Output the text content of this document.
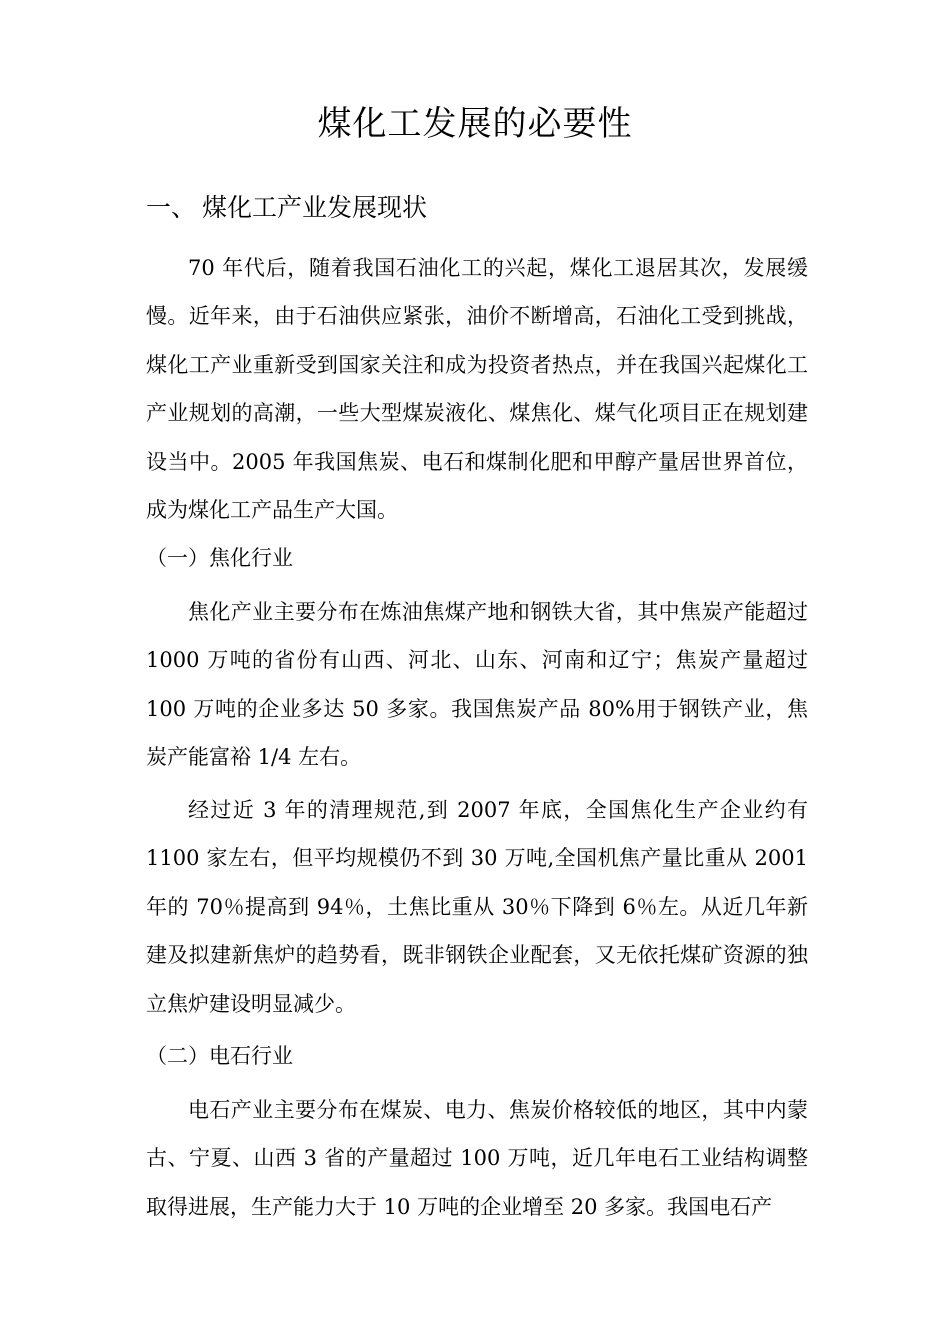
煤化工发展的必要性
一、 煤化工产业发展现状

70 年代后，随着我国石油化工的兴起，煤化工退居其次，发展缓慢。近年来，由于石油供应紧张，油价不断增高，石油化工受到挑战，煤化工产业重新受到国家关注和成为投资者热点，并在我国兴起煤化工产业规划的高潮，一些大型煤炭液化、煤焦化、煤气化项目正在规划建设当中。2005 年我国焦炭、电石和煤制化肥和甲醇产量居世界首位，成为煤化工产品生产大国。

（一）焦化行业

焦化产业主要分布在炼油焦煤产地和钢铁大省，其中焦炭产能超过 1000 万吨的省份有山西、河北、山东、河南和辽宁；焦炭产量超过 100 万吨的企业多达 50 多家。我国焦炭产品 80%用于钢铁产业，焦炭产能富裕 1/4 左右。

经过近 3 年的清理规范,到 2007 年底，全国焦化生产企业约有 1100 家左右，但平均规模仍不到 30 万吨,全国机焦产量比重从 2001 年的 70％提高到 94％，土焦比重从 30％下降到 6％左。从近几年新建及拟建新焦炉的趋势看，既非钢铁企业配套，又无依托煤矿资源的独立焦炉建设明显减少。

（二）电石行业

电石产业主要分布在煤炭、电力、焦炭价格较低的地区，其中内蒙古、宁夏、山西 3 省的产量超过 100 万吨，近几年电石工业结构调整取得进展，生产能力大于 10 万吨的企业增至 20 多家。我国电石产
